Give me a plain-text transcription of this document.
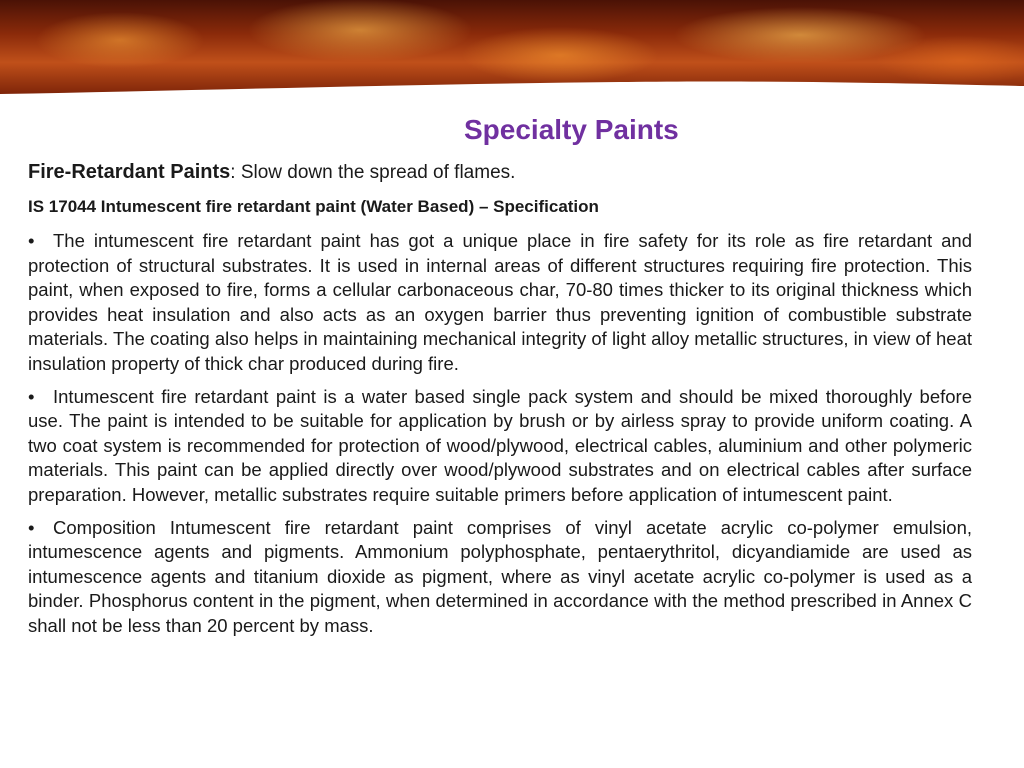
Specialty Paints
Fire-Retardant Paints: Slow down the spread of flames.
IS 17044 Intumescent fire retardant paint (Water Based) – Specification

• The intumescent fire retardant paint has got a unique place in fire safety for its role as fire retardant and protection of structural substrates. It is used in internal areas of different structures requiring fire protection. This paint, when exposed to fire, forms a cellular carbonaceous char, 70-80 times thicker to its original thickness which provides heat insulation and also acts as an oxygen barrier thus preventing ignition of combustible substrate materials. The coating also helps in maintaining mechanical integrity of light alloy metallic structures, in view of heat insulation property of thick char produced during fire.

• Intumescent fire retardant paint is a water based single pack system and should be mixed thoroughly before use. The paint is intended to be suitable for application by brush or by airless spray to provide uniform coating. A two coat system is recommended for protection of wood/plywood, electrical cables, aluminium and other polymeric materials. This paint can be applied directly over wood/plywood substrates and on electrical cables after surface preparation. However, metallic substrates require suitable primers before application of intumescent paint.

• Composition Intumescent fire retardant paint comprises of vinyl acetate acrylic co-polymer emulsion, intumescence agents and pigments. Ammonium polyphosphate, pentaerythritol, dicyandiamide are used as intumescence agents and titanium dioxide as pigment, where as vinyl acetate acrylic co-polymer is used as a binder. Phosphorus content in the pigment, when determined in accordance with the method prescribed in Annex C shall not be less than 20 percent by mass.
